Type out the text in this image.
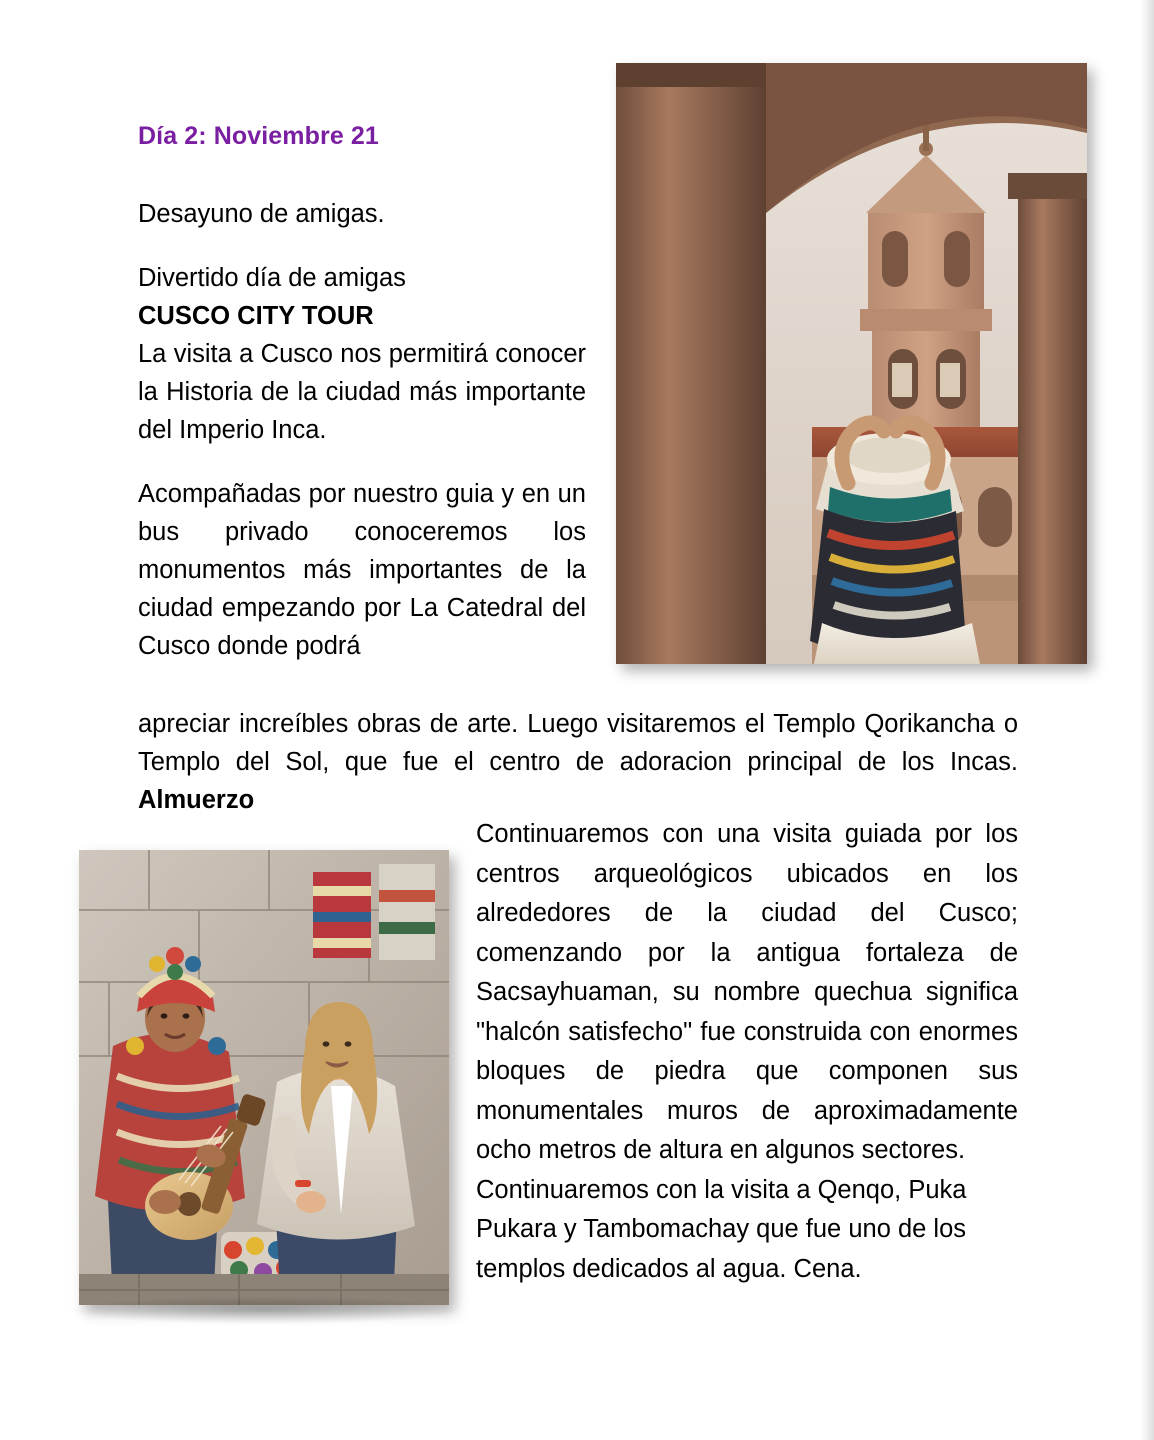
Día 2: Noviembre 21

Desayuno de amigas.

Divertido día de amigas

CUSCO CITY TOUR

La visita a Cusco nos permitirá conocer la Historia de la ciudad más importante del Imperio Inca.

Acompañadas por nuestro guia y en un bus privado conoceremos los monumentos más importantes de la ciudad empezando por La Catedral del Cusco donde podrá

apreciar increíbles obras de arte. Luego visitaremos el Templo Qorikancha o Templo del Sol, que fue el centro de adoracion principal de los Incas. Almuerzo

Continuaremos con una visita guiada por los centros arqueológicos ubicados en los alrededores de la ciudad del Cusco; comenzando por la antigua fortaleza de Sacsayhuaman, su nombre quechua significa "halcón satisfecho" fue construida con enormes bloques de piedra que componen sus monumentales muros de aproximadamente ocho metros de altura en algunos sectores.

Continuaremos con la visita a Qenqo, Puka Pukara y Tambomachay que fue uno de los templos dedicados al agua. Cena.
